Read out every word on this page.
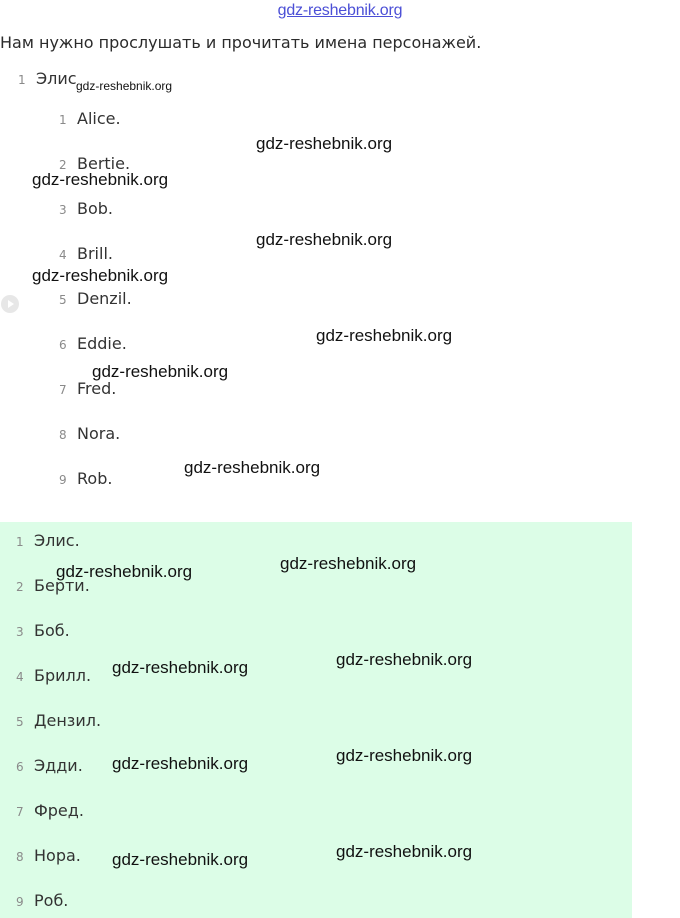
gdz-reshebnik.org
Нам нужно прослушать и прочитать имена персонажей.
1 Элис
1 Alice.
2 Bertie.
3 Bob.
4 Brill.
5 Denzil.
6 Eddie.
7 Fred.
8 Nora.
9 Rob.
1 Элис.
2 Берти.
3 Боб.
4 Брилл.
5 Дензил.
6 Эдди.
7 Фред.
8 Нора.
9 Роб.
gdz-reshebnik.org
gdz-reshebnik.org
gdz-reshebnik.org
gdz-reshebnik.org
gdz-reshebnik.org
gdz-reshebnik.org
gdz-reshebnik.org
gdz-reshebnik.org
gdz-reshebnik.org
gdz-reshebnik.org
gdz-reshebnik.org
gdz-reshebnik.org
gdz-reshebnik.org
gdz-reshebnik.org
gdz-reshebnik.org
gdz-reshebnik.org
